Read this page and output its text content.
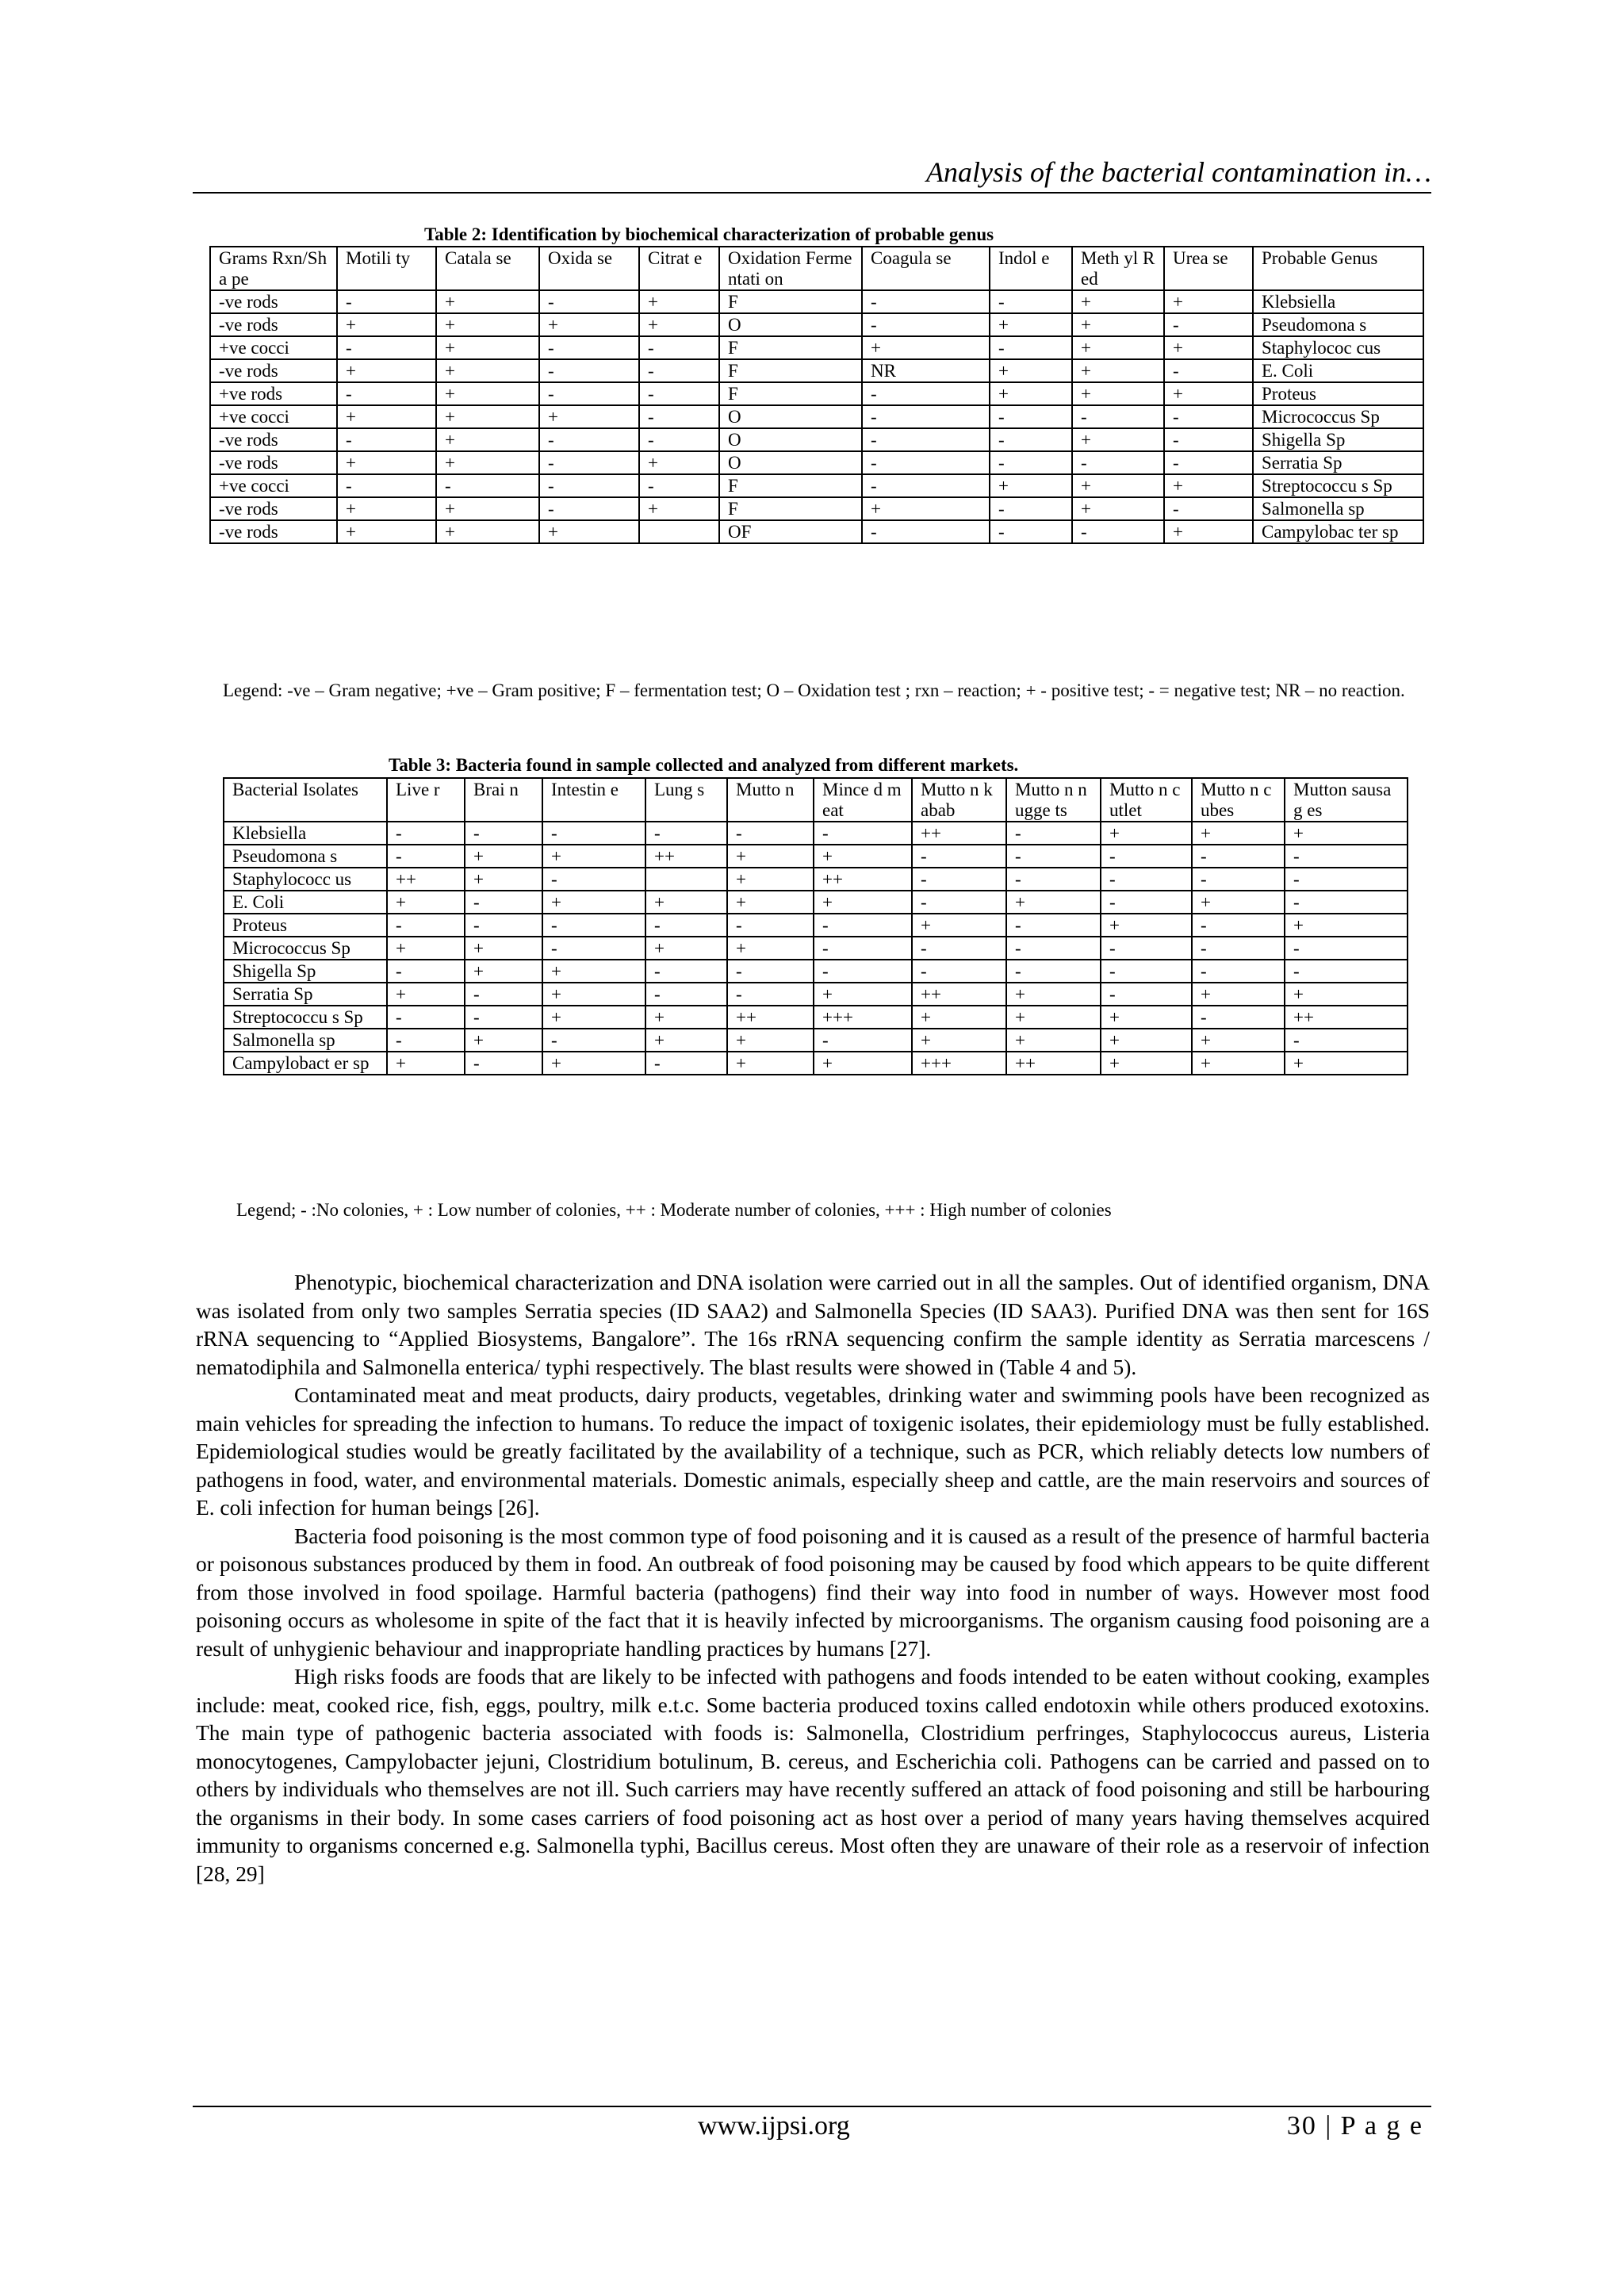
Analysis of the bacterial contamination in…
Table 2: Identification by biochemical characterization of probable genus
Grams Rxn/Sha pe	Motili ty	Catala se	Oxida se	Citrat e	Oxidation Fermentati on	Coagula se	Indol e	Meth yl Red	Urea se	Probable Genus
-ve rods	-	+	-	+	F	-	-	+	+	Klebsiella
-ve rods	+	+	+	+	O	-	+	+	-	Pseudomona s
+ve cocci	-	+	-	-	F	+	-	+	+	Staphylococ cus
-ve rods	+	+	-	-	F	NR	+	+	-	E. Coli
+ve rods	-	+	-	-	F	-	+	+	+	Proteus
+ve cocci	+	+	+	-	O	-	-	-	-	Micrococcus Sp
-ve rods	-	+	-	-	O	-	-	+	-	Shigella Sp
-ve rods	+	+	-	+	O	-	-	-	-	Serratia Sp
+ve cocci	-	-	-	-	F	-	+	+	+	Streptococcu s Sp
-ve rods	+	+	-	+	F	+	-	+	-	Salmonella sp
-ve rods	+	+	+		OF	-	-	-	+	Campylobac ter sp
Legend: -ve – Gram negative; +ve – Gram positive; F – fermentation test; O – Oxidation test ; rxn – reaction; + - positive test; - = negative test; NR – no reaction.
Table 3: Bacteria found in sample collected and analyzed from different markets.
Bacterial Isolates	Live r	Brai n	Intestin e	Lung s	Mutto n	Mince d meat	Mutto n kabab	Mutto n nugge ts	Mutto n cutlet	Mutto n cubes	Mutton sausag es
Klebsiella	-	-	-	-	-	-	++	-	+	+	+
Pseudomona s	-	+	+	++	+	+	-	-	-	-	-
Staphylococc us	++	+	-		+	++	-	-	-	-	-
E. Coli	+	-	+	+	+	+	-	+	-	+	-
Proteus	-	-	-	-	-	-	+	-	+	-	+
Micrococcus Sp	+	+	-	+	+	-	-	-	-	-	-
Shigella Sp	-	+	+	-	-	-	-	-	-	-	-
Serratia Sp	+	-	+	-	-	+	++	+	-	+	+
Streptococcu s Sp	-	-	+	+	++	+++	+	+	+	-	++
Salmonella sp	-	+	-	+	+	-	+	+	+	+	-
Campylobact er sp	+	-	+	-	+	+	+++	++	+	+	+
Legend; - :No colonies, + : Low number of colonies, ++ : Moderate number of colonies, +++ : High number of colonies

Phenotypic, biochemical characterization and DNA isolation were carried out in all the samples. Out of identified organism, DNA was isolated from only two samples Serratia species (ID SAA2) and Salmonella Species (ID SAA3). Purified DNA was then sent for 16S rRNA sequencing to “Applied Biosystems, Bangalore”. The 16s rRNA sequencing confirm the sample identity as Serratia marcescens / nematodiphila and Salmonella enterica/ typhi respectively. The blast results were showed in (Table 4 and 5).

Contaminated meat and meat products, dairy products, vegetables, drinking water and swimming pools have been recognized as main vehicles for spreading the infection to humans. To reduce the impact of toxigenic isolates, their epidemiology must be fully established. Epidemiological studies would be greatly facilitated by the availability of a technique, such as PCR, which reliably detects low numbers of pathogens in food, water, and environmental materials. Domestic animals, especially sheep and cattle, are the main reservoirs and sources of E. coli infection for human beings [26].

Bacteria food poisoning is the most common type of food poisoning and it is caused as a result of the presence of harmful bacteria or poisonous substances produced by them in food. An outbreak of food poisoning may be caused by food which appears to be quite different from those involved in food spoilage. Harmful bacteria (pathogens) find their way into food in number of ways. However most food poisoning occurs as wholesome in spite of the fact that it is heavily infected by microorganisms. The organism causing food poisoning are a result of unhygienic behaviour and inappropriate handling practices by humans [27].

High risks foods are foods that are likely to be infected with pathogens and foods intended to be eaten without cooking, examples include: meat, cooked rice, fish, eggs, poultry, milk e.t.c. Some bacteria produced toxins called endotoxin while others produced exotoxins. The main type of pathogenic bacteria associated with foods is: Salmonella, Clostridium perfringes, Staphylococcus aureus, Listeria monocytogenes, Campylobacter jejuni, Clostridium botulinum, B. cereus, and Escherichia coli. Pathogens can be carried and passed on to others by individuals who themselves are not ill. Such carriers may have recently suffered an attack of food poisoning and still be harbouring the organisms in their body. In some cases carriers of food poisoning act as host over a period of many years having themselves acquired immunity to organisms concerned e.g. Salmonella typhi, Bacillus cereus. Most often they are unaware of their role as a reservoir of infection [28, 29]

www.ijpsi.org	30 | P a g e
